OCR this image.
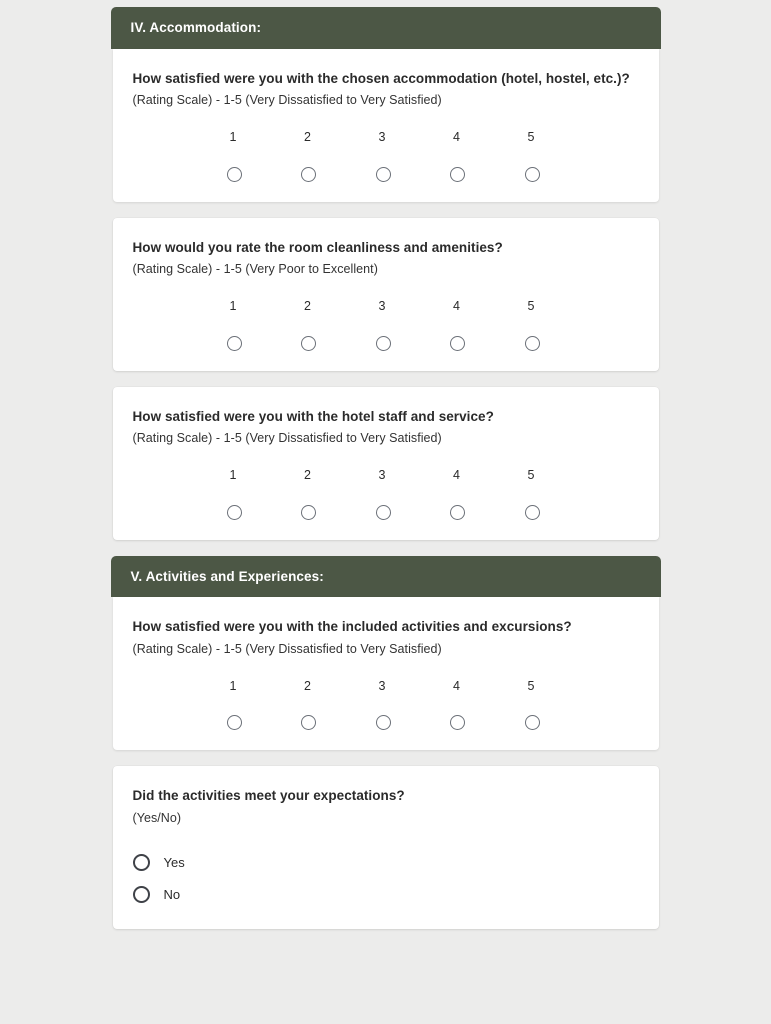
IV. Accommodation:

How satisfied were you with the chosen accommodation (hotel, hostel, etc.)?

(Rating Scale) - 1-5 (Very Dissatisfied to Very Satisfied)

1	2	3	4	5

How would you rate the room cleanliness and amenities?

(Rating Scale) - 1-5 (Very Poor to Excellent)

1	2	3	4	5

How satisfied were you with the hotel staff and service?

(Rating Scale) - 1-5 (Very Dissatisfied to Very Satisfied)

1	2	3	4	5
V. Activities and Experiences:

How satisfied were you with the included activities and excursions?

(Rating Scale) - 1-5 (Very Dissatisfied to Very Satisfied)

1	2	3	4	5

Did the activities meet your expectations?

(Yes/No)

Yes
No
